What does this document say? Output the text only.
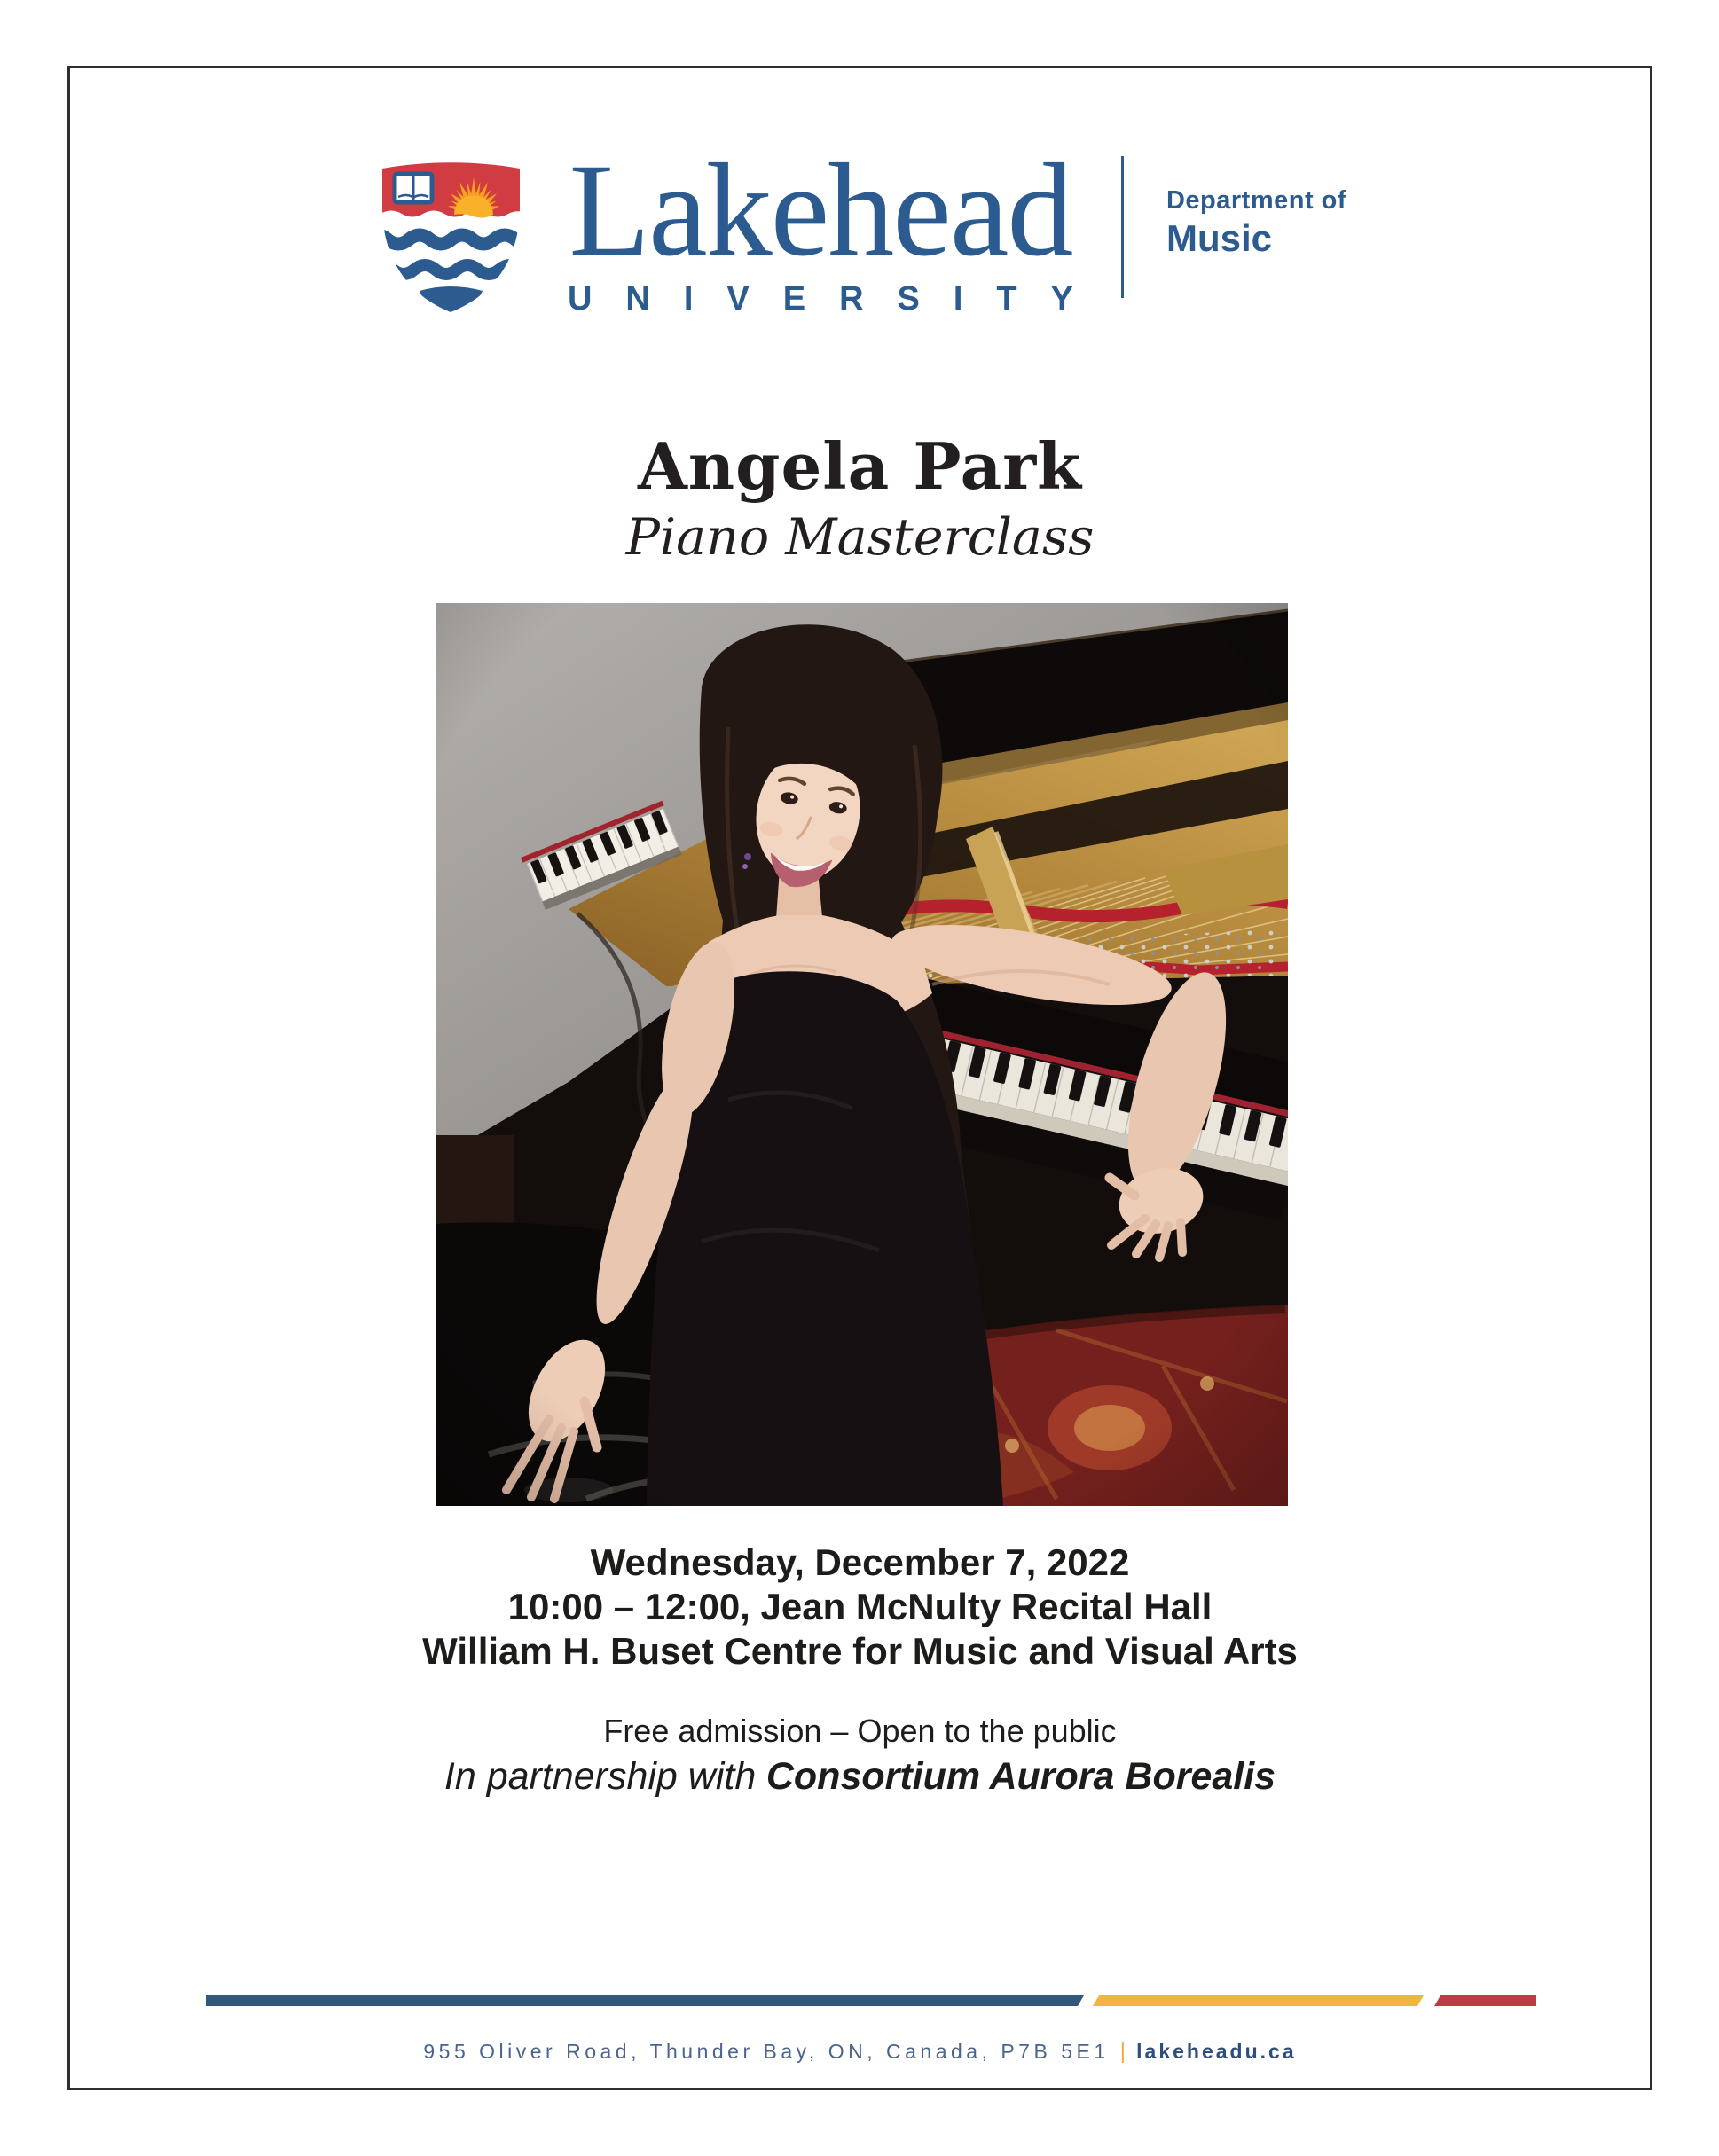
Lakehead
UNIVERSITY
Department of
Music
Angela Park
Piano Masterclass

Wednesday, December 7, 2022

10:00 – 12:00, Jean McNulty Recital Hall

William H. Buset Centre for Music and Visual Arts

Free admission – Open to the public

In partnership with Consortium Aurora Borealis

955 Oliver Road, Thunder Bay, ON, Canada, P7B 5E1 | lakeheadu.ca
